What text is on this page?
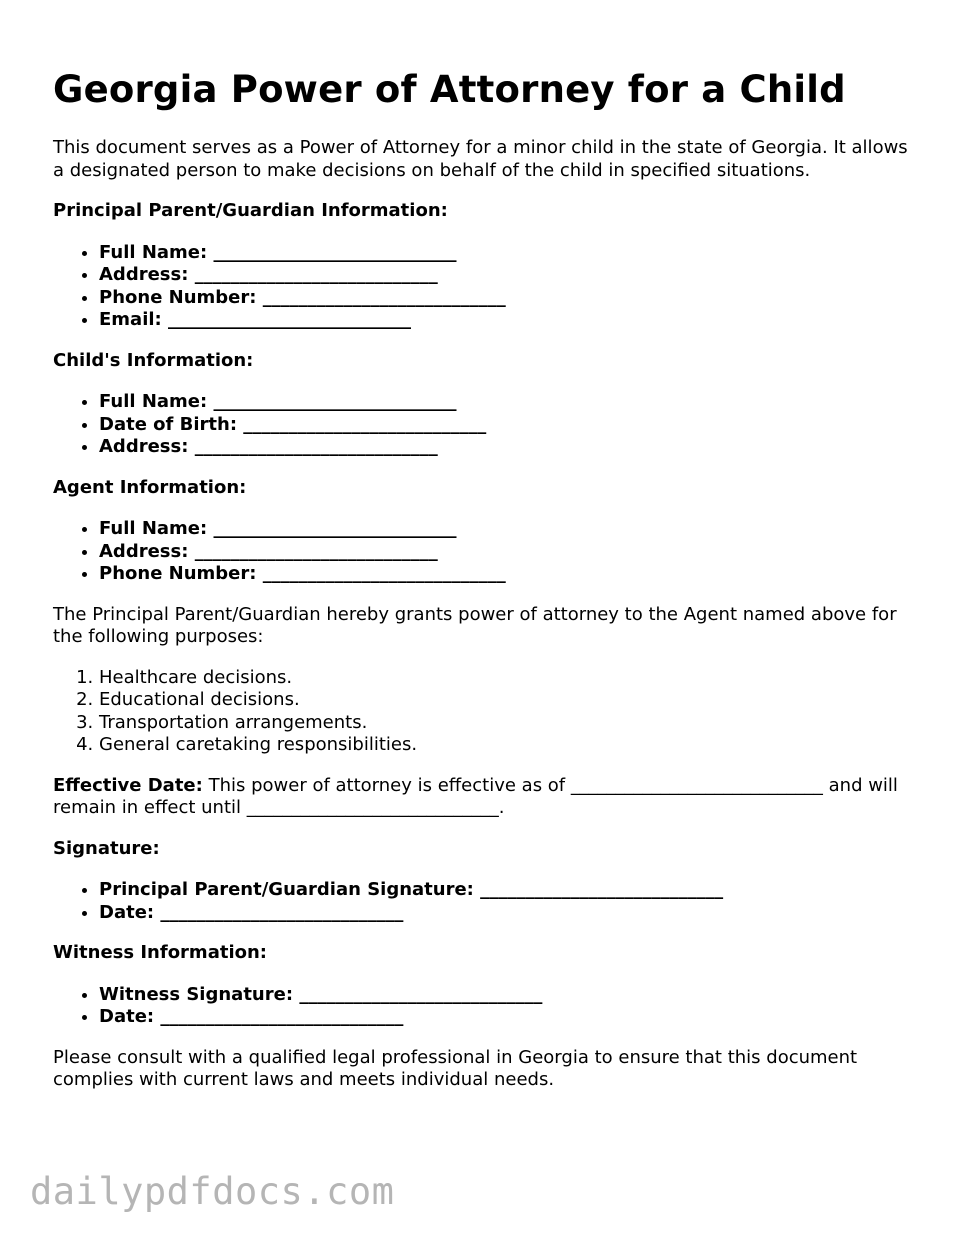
Georgia Power of Attorney for a Child

This document serves as a Power of Attorney for a minor child in the state of Georgia. It allows a designated person to make decisions on behalf of the child in specified situations.

Principal Parent/Guardian Information:
• Full Name: ___________________________
• Address: ___________________________
• Phone Number: ___________________________
• Email: ___________________________
Child's Information:
• Full Name: ___________________________
• Date of Birth: ___________________________
• Address: ___________________________
Agent Information:
• Full Name: ___________________________
• Address: ___________________________
• Phone Number: ___________________________

The Principal Parent/Guardian hereby grants power of attorney to the Agent named above for the following purposes:

1. Healthcare decisions.
2. Educational decisions.
3. Transportation arrangements.
4. General caretaking responsibilities.

Effective Date: This power of attorney is effective as of ____________________________ and will remain in effect until ____________________________.

Signature:
• Principal Parent/Guardian Signature: ___________________________
• Date: ___________________________
Witness Information:
• Witness Signature: ___________________________
• Date: ___________________________

Please consult with a qualified legal professional in Georgia to ensure that this document complies with current laws and meets individual needs.

dailypdfdocs.com
